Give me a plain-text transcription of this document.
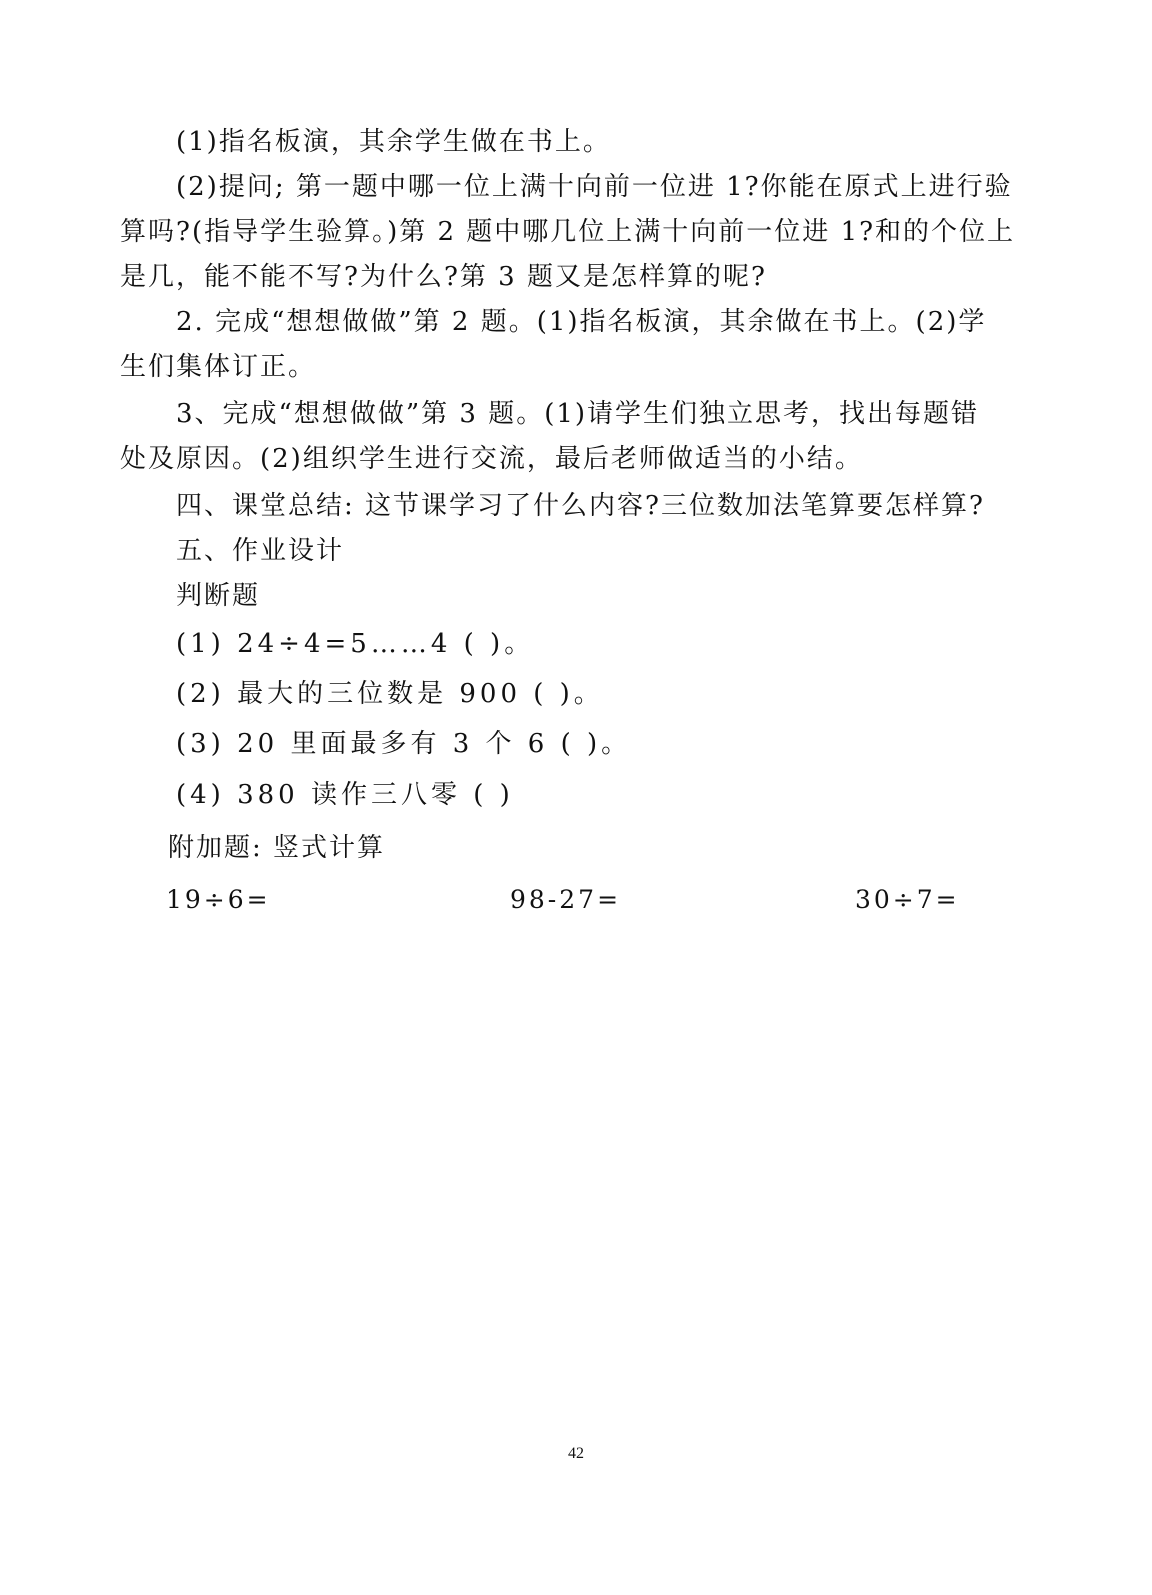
(1)指名板演，其余学生做在书上。
(2)提问; 第一题中哪一位上满十向前一位进 1?你能在原式上进行验
算吗?(指导学生验算。)第 2 题中哪几位上满十向前一位进 1?和的个位上
是几，能不能不写?为什么?第 3 题又是怎样算的呢?
2. 完成“想想做做”第 2 题。(1)指名板演，其余做在书上。(2)学
生们集体订正。
3、完成“想想做做”第 3 题。(1)请学生们独立思考，找出每题错
处及原因。(2)组织学生进行交流，最后老师做适当的小结。
四、课堂总结: 这节课学习了什么内容?三位数加法笔算要怎样算?
五、作业设计
判断题
(1) 24÷4=5……4 ( )。
(2) 最大的三位数是 900 ( )。
(3) 20 里面最多有 3 个 6 ( )。
(4) 380 读作三八零 ( )
附加题: 竖式计算
19÷6=	98-27=	30÷7=
42
